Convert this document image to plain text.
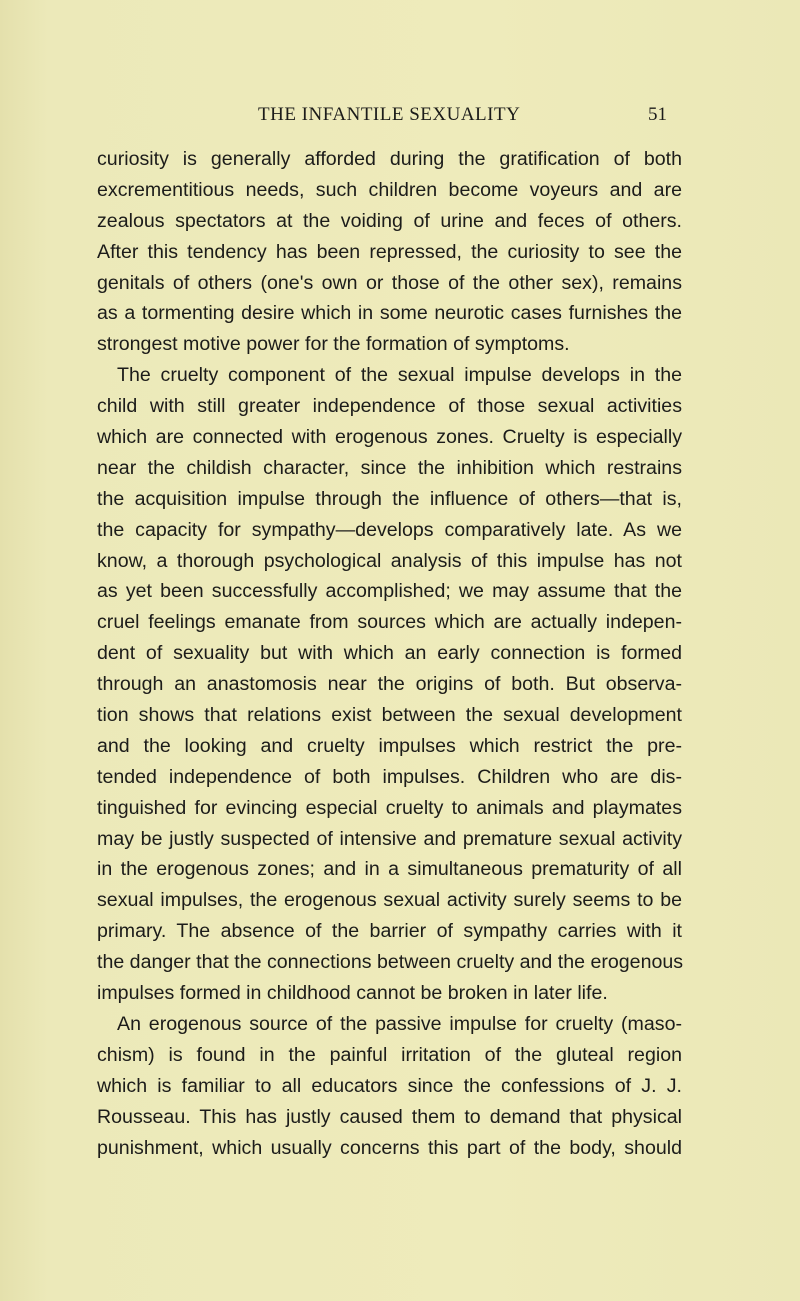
THE INFANTILE SEXUALITY	51
curiosity is generally afforded during the gratification of both
excrementitious needs, such children become voyeurs and are
zealous spectators at the voiding of urine and feces of others.
After this tendency has been repressed, the curiosity to see the
genitals of others (one's own or those of the other sex), remains
as a tormenting desire which in some neurotic cases furnishes the
strongest motive power for the formation of symptoms.
The cruelty component of the sexual impulse develops in the
child with still greater independence of those sexual activities
which are connected with erogenous zones. Cruelty is especially
near the childish character, since the inhibition which restrains
the acquisition impulse through the influence of others—that is,
the capacity for sympathy—develops comparatively late. As we
know, a thorough psychological analysis of this impulse has not
as yet been successfully accomplished; we may assume that the
cruel feelings emanate from sources which are actually indepen-
dent of sexuality but with which an early connection is formed
through an anastomosis near the origins of both. But observa-
tion shows that relations exist between the sexual development
and the looking and cruelty impulses which restrict the pre-
tended independence of both impulses. Children who are dis-
tinguished for evincing especial cruelty to animals and playmates
may be justly suspected of intensive and premature sexual activity
in the erogenous zones; and in a simultaneous prematurity of all
sexual impulses, the erogenous sexual activity surely seems to be
primary. The absence of the barrier of sympathy carries with it
the danger that the connections between cruelty and the erogenous
impulses formed in childhood cannot be broken in later life.
An erogenous source of the passive impulse for cruelty (maso-
chism) is found in the painful irritation of the gluteal region
which is familiar to all educators since the confessions of J. J.
Rousseau. This has justly caused them to demand that physical
punishment, which usually concerns this part of the body, should
